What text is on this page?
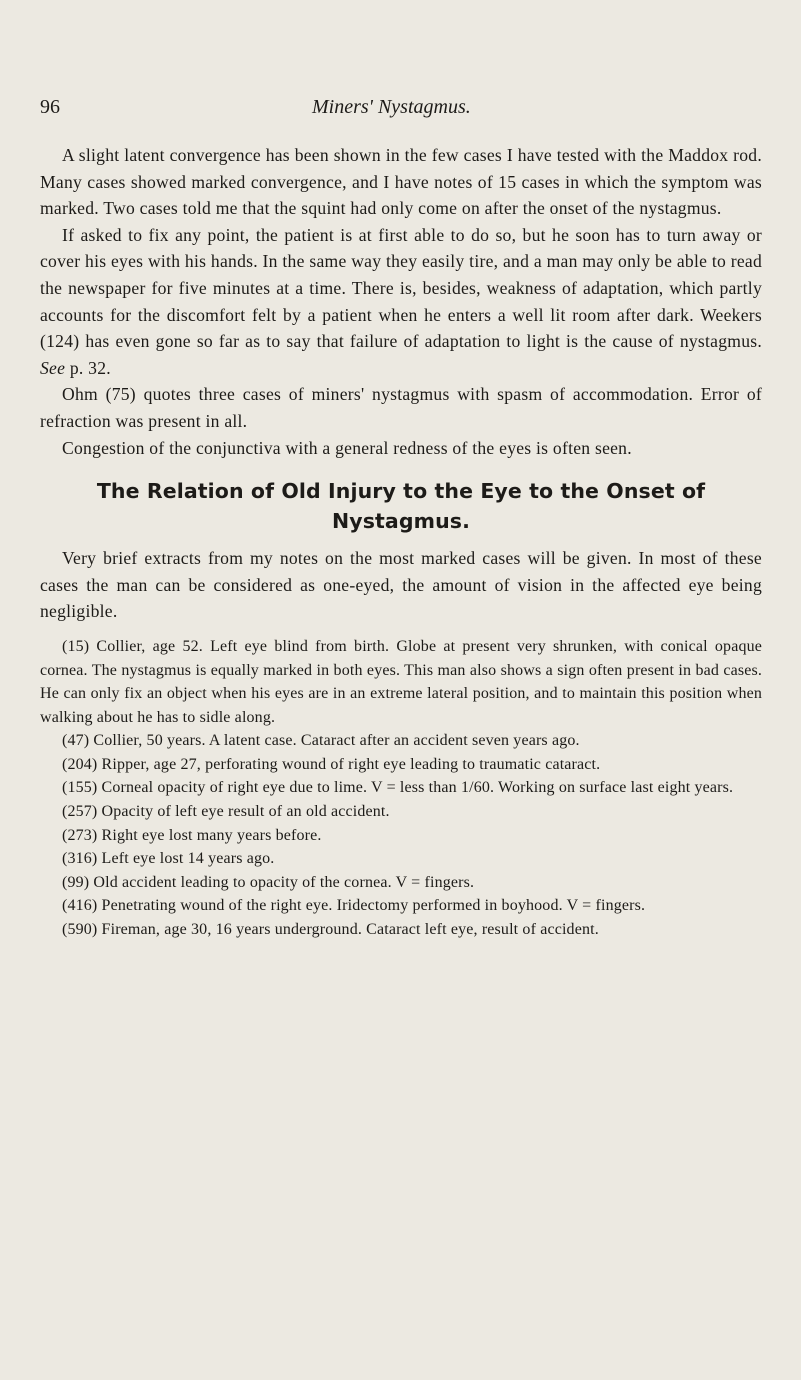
96	Miners' Nystagmus.

A slight latent convergence has been shown in the few cases I have tested with the Maddox rod. Many cases showed marked convergence, and I have notes of 15 cases in which the symptom was marked. Two cases told me that the squint had only come on after the onset of the nystagmus.

If asked to fix any point, the patient is at first able to do so, but he soon has to turn away or cover his eyes with his hands. In the same way they easily tire, and a man may only be able to read the newspaper for five minutes at a time. There is, besides, weakness of adaptation, which partly accounts for the discomfort felt by a patient when he enters a well lit room after dark. Weekers (124) has even gone so far as to say that failure of adaptation to light is the cause of nystagmus. See p. 32.

Ohm (75) quotes three cases of miners' nystagmus with spasm of accommodation. Error of refraction was present in all.

Congestion of the conjunctiva with a general redness of the eyes is often seen.

The Relation of Old Injury to the Eye to the Onset of Nystagmus.

Very brief extracts from my notes on the most marked cases will be given. In most of these cases the man can be considered as one-eyed, the amount of vision in the affected eye being negligible.

(15) Collier, age 52. Left eye blind from birth. Globe at present very shrunken, with conical opaque cornea. The nystagmus is equally marked in both eyes. This man also shows a sign often present in bad cases. He can only fix an object when his eyes are in an extreme lateral position, and to maintain this position when walking about he has to sidle along.

(47) Collier, 50 years. A latent case. Cataract after an accident seven years ago.

(204) Ripper, age 27, perforating wound of right eye leading to traumatic cataract.

(155) Corneal opacity of right eye due to lime. V = less than 1/60. Working on surface last eight years.

(257) Opacity of left eye result of an old accident.

(273) Right eye lost many years before.

(316) Left eye lost 14 years ago.

(99) Old accident leading to opacity of the cornea. V = fingers.

(416) Penetrating wound of the right eye. Iridectomy performed in boyhood. V = fingers.

(590) Fireman, age 30, 16 years underground. Cataract left eye, result of accident.
